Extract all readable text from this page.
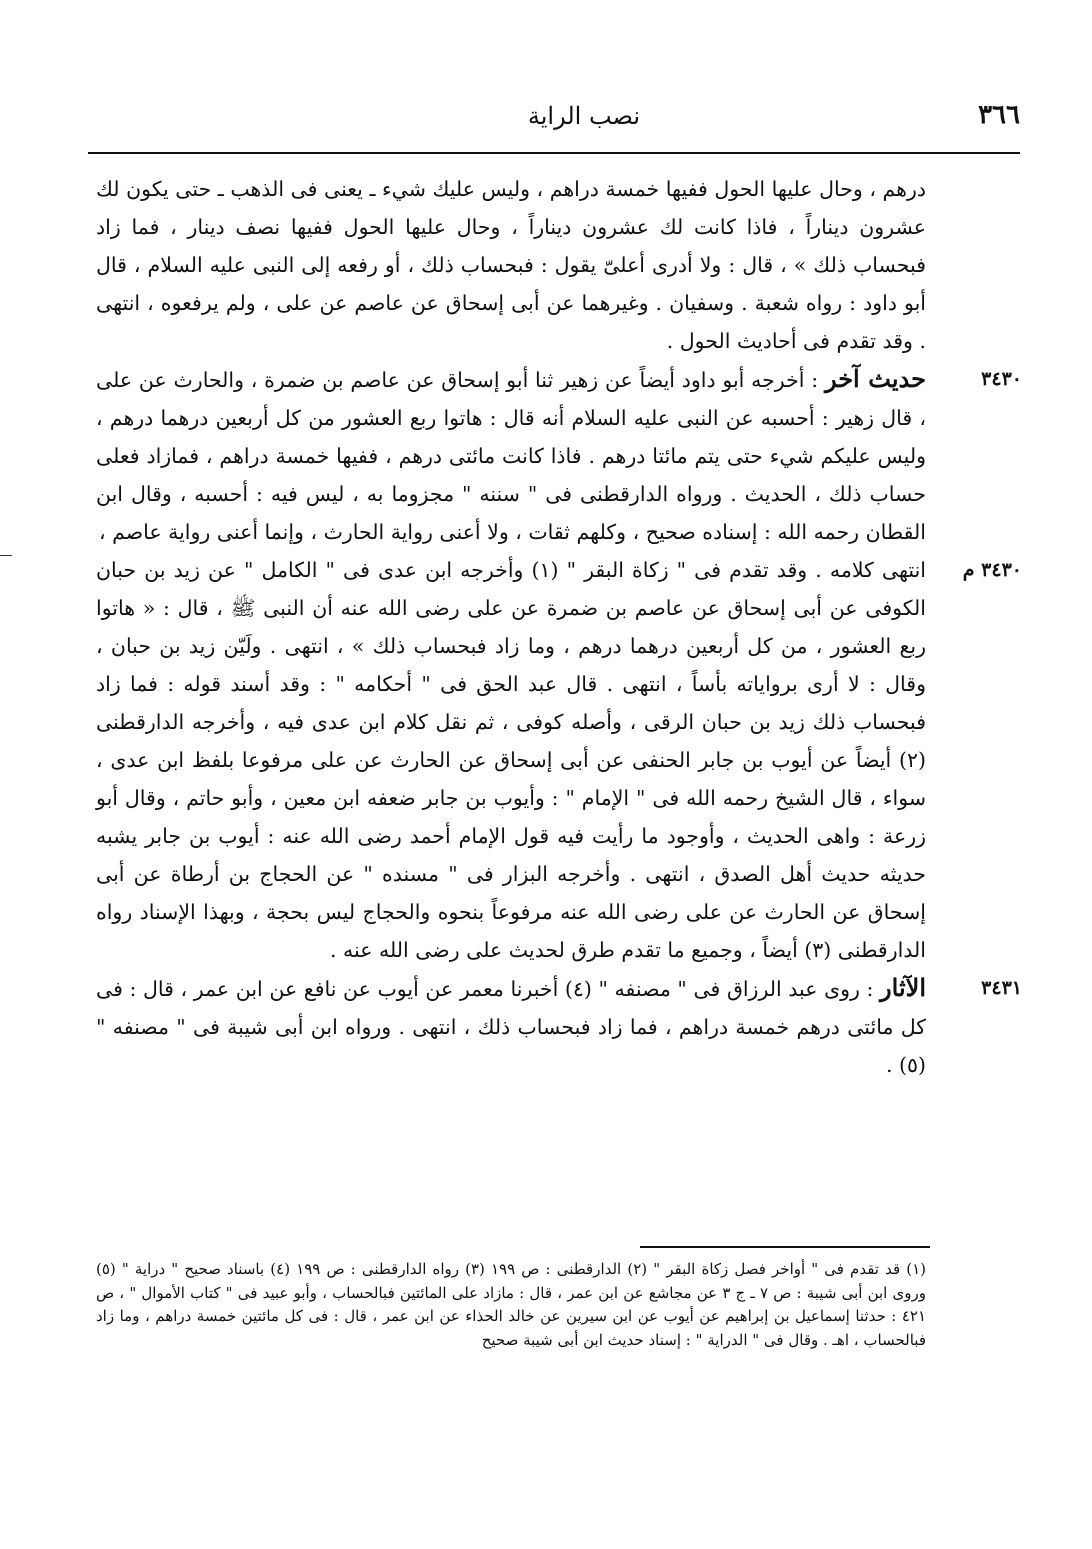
٣٦٦
نصب الراية

درهم ، وحال عليها الحول ففيها خمسة دراهم ، وليس عليك شيء ـ يعنى فى الذهب ـ حتى يكون لك عشرون ديناراً ، فاذا كانت لك عشرون ديناراً ، وحال عليها الحول ففيها نصف دينار ، فما زاد فبحساب ذلك » ، قال : ولا أدرى أعلىّ يقول : فبحساب ذلك ، أو رفعه إلى النبى عليه السلام ، قال أبو داود : رواه شعبة . وسفيان . وغيرهما عن أبى إسحاق عن عاصم عن على ، ولم يرفعوه ، انتهى . وقد تقدم فى أحاديث الحول .

٣٤٣٠
حديث آخر : أخرجه أبو داود أيضاً عن زهير ثنا أبو إسحاق عن عاصم بن ضمرة ، والحارث عن على ، قال زهير : أحسبه عن النبى عليه السلام أنه قال : هاتوا ربع العشور من كل أربعين درهما درهم ، وليس عليكم شيء حتى يتم مائتا درهم . فاذا كانت مائتى درهم ، ففيها خمسة دراهم ، فمازاد فعلى حساب ذلك ، الحديث . ورواه الدارقطنى فى " سننه " مجزوما به ، ليس فيه : أحسبه ، وقال ابن القطان رحمه الله : إسناده صحيح ، وكلهم ثقات ، ولا أعنى رواية الحارث ، وإنما أعنى رواية عاصم ،

٣٤٣٠ م
انتهى كلامه . وقد تقدم فى " زكاة البقر " (١) وأخرجه ابن عدى فى " الكامل " عن زيد بن حبان الكوفى عن أبى إسحاق عن عاصم بن ضمرة عن على رضى الله عنه أن النبى ﷺ ، قال : « هاتوا ربع العشور ، من كل أربعين درهما درهم ، وما زاد فبحساب ذلك » ، انتهى . ولَيّن زيد بن حبان ، وقال : لا أرى برواياته بأساً ، انتهى . قال عبد الحق فى " أحكامه " : وقد أسند قوله : فما زاد فبحساب ذلك زيد بن حبان الرقى ، وأصله كوفى ، ثم نقل كلام ابن عدى فيه ، وأخرجه الدارقطنى (٢) أيضاً عن أيوب بن جابر الحنفى عن أبى إسحاق عن الحارث عن على مرفوعا بلفظ ابن عدى ، سواء ، قال الشيخ رحمه الله فى " الإمام " : وأيوب بن جابر ضعفه ابن معين ، وأبو حاتم ، وقال أبو زرعة : واهى الحديث ، وأوجود ما رأيت فيه قول الإمام أحمد رضى الله عنه : أيوب بن جابر يشبه حديثه حديث أهل الصدق ، انتهى . وأخرجه البزار فى " مسنده " عن الحجاج بن أرطاة عن أبى إسحاق عن الحارث عن على رضى الله عنه مرفوعاً بنحوه والحجاج ليس بحجة ، وبهذا الإسناد رواه الدارقطنى (٣) أيضاً ، وجميع ما تقدم طرق لحديث على رضى الله عنه .

٣٤٣١
الآثار : روى عبد الرزاق فى " مصنفه " (٤) أخبرنا معمر عن أيوب عن نافع عن ابن عمر ، قال : فى كل مائتى درهم خمسة دراهم ، فما زاد فبحساب ذلك ، انتهى . ورواه ابن أبى شيبة فى " مصنفه " (٥) .

(١) قد تقدم فى " أواخر فصل زكاة البقر " (٢) الدارقطنى : ص ١٩٩ (٣) رواه الدارقطنى : ص ١٩٩ (٤) باسناد صحيح " دراية " (٥) وروى ابن أبى شيبة : ص ٧ ـ ج ٣ عن مجاشع عن ابن عمر ، قال : مازاد على المائتين فبالحساب ، وأبو عبيد فى " كتاب الأموال " ، ص ٤٢١ : حدثنا إسماعيل بن إبراهيم عن أيوب عن ابن سيرين عن خالد الحذاء عن ابن عمر ، قال : فى كل مائتين خمسة دراهم ، وما زاد فبالحساب ، اهـ . وقال فى " الدراية " : إسناد حديث ابن أبى شيبة صحيح
